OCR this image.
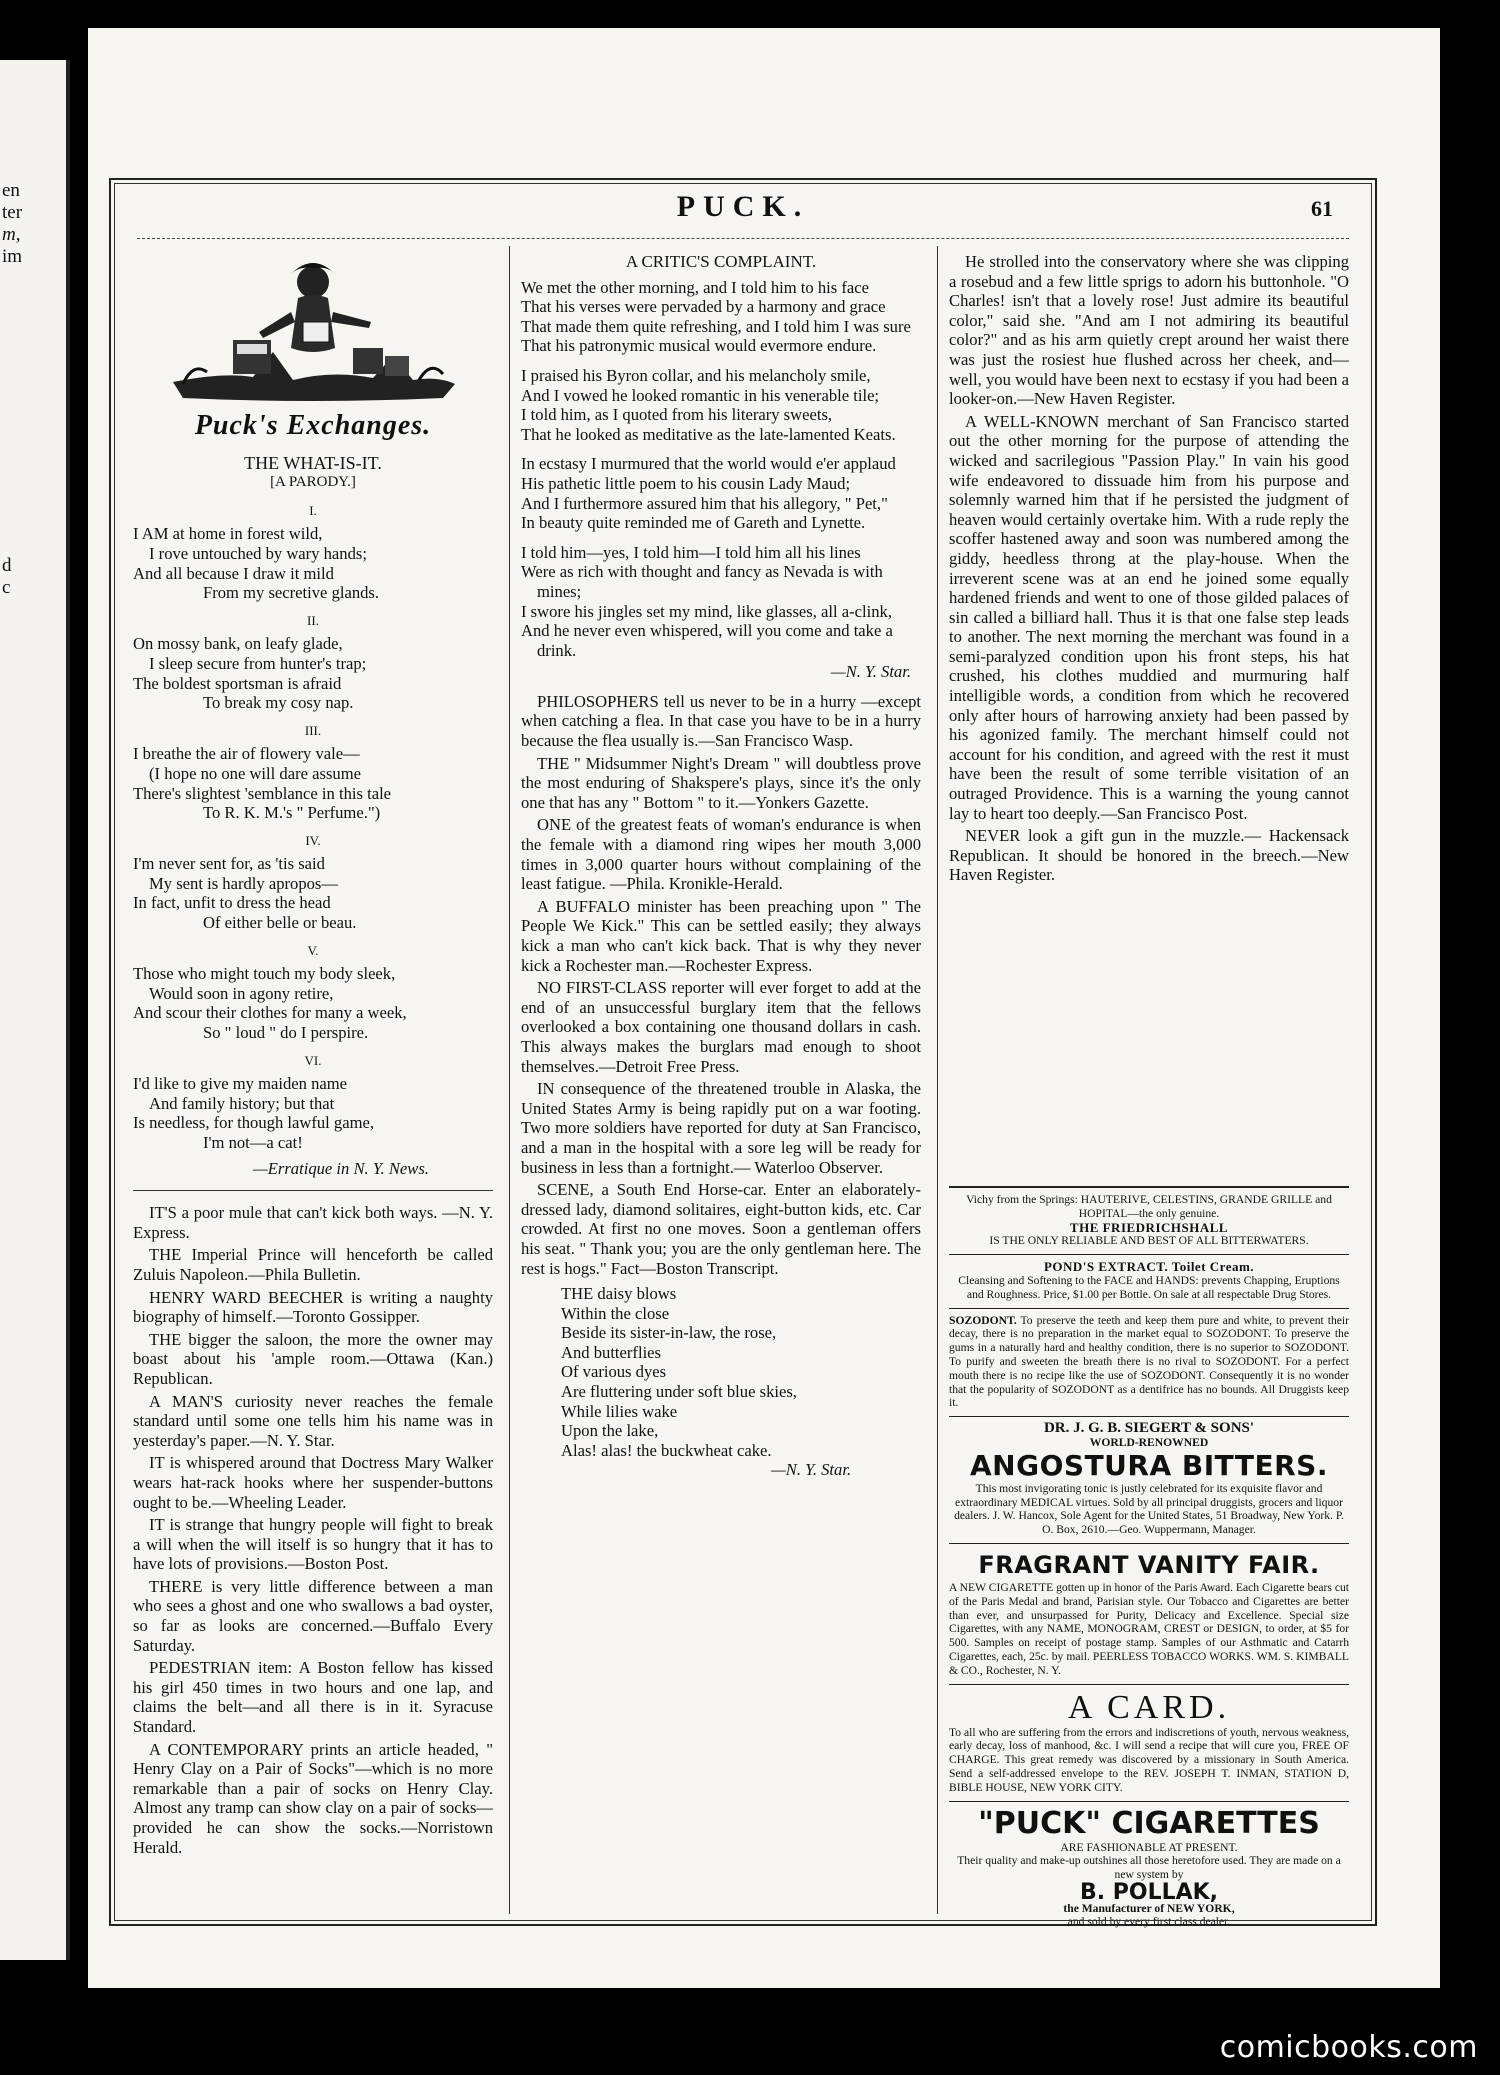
en
ter
m,
im
d
c
PUCK.	61
Puck's Exchanges.
THE WHAT-IS-IT.
[A PARODY.]
I.
I AM at home in forest wild,
I rove untouched by wary hands;
And all because I draw it mild
From my secretive glands.
II.
On mossy bank, on leafy glade,
I sleep secure from hunter's trap;
The boldest sportsman is afraid
To break my cosy nap.
III.
I breathe the air of flowery vale—
(I hope no one will dare assume
There's slightest 'semblance in this tale
To R. K. M.'s " Perfume.")
IV.
I'm never sent for, as 'tis said
My sent is hardly apropos—
In fact, unfit to dress the head
Of either belle or beau.
V.
Those who might touch my body sleek,
Would soon in agony retire,
And scour their clothes for many a week,
So " loud " do I perspire.
VI.
I'd like to give my maiden name
And family history; but that
Is needless, for though lawful game,
I'm not—a cat!
—Erratique in N. Y. News.

IT'S a poor mule that can't kick both ways. —N. Y. Express.

THE Imperial Prince will henceforth be called Zuluis Napoleon.—Phila Bulletin.

HENRY WARD BEECHER is writing a naughty biography of himself.—Toronto Gossipper.

THE bigger the saloon, the more the owner may boast about his 'ample room.—Ottawa (Kan.) Republican.

A MAN'S curiosity never reaches the female standard until some one tells him his name was in yesterday's paper.—N. Y. Star.

IT is whispered around that Doctress Mary Walker wears hat-rack hooks where her suspender-buttons ought to be.—Wheeling Leader.

IT is strange that hungry people will fight to break a will when the will itself is so hungry that it has to have lots of provisions.—Boston Post.

THERE is very little difference between a man who sees a ghost and one who swallows a bad oyster, so far as looks are concerned.—Buffalo Every Saturday.

PEDESTRIAN item: A Boston fellow has kissed his girl 450 times in two hours and one lap, and claims the belt—and all there is in it. Syracuse Standard.

A CONTEMPORARY prints an article headed, " Henry Clay on a Pair of Socks"—which is no more remarkable than a pair of socks on Henry Clay. Almost any tramp can show clay on a pair of socks—provided he can show the socks.—Norristown Herald.

A CRITIC'S COMPLAINT.
We met the other morning, and I told him to his face
That his verses were pervaded by a harmony and grace
That made them quite refreshing, and I told him I was sure
That his patronymic musical would evermore endure.
I praised his Byron collar, and his melancholy smile,
And I vowed he looked romantic in his venerable tile;
I told him, as I quoted from his literary sweets,
That he looked as meditative as the late-lamented Keats.
In ecstasy I murmured that the world would e'er applaud
His pathetic little poem to his cousin Lady Maud;
And I furthermore assured him that his allegory, " Pet,"
In beauty quite reminded me of Gareth and Lynette.
I told him—yes, I told him—I told him all his lines
Were as rich with thought and fancy as Nevada is with mines;
I swore his jingles set my mind, like glasses, all a-clink,
And he never even whispered, will you come and take a drink.
—N. Y. Star.

PHILOSOPHERS tell us never to be in a hurry —except when catching a flea. In that case you have to be in a hurry because the flea usually is.—San Francisco Wasp.

THE " Midsummer Night's Dream " will doubtless prove the most enduring of Shakspere's plays, since it's the only one that has any " Bottom " to it.—Yonkers Gazette.

ONE of the greatest feats of woman's endurance is when the female with a diamond ring wipes her mouth 3,000 times in 3,000 quarter hours without complaining of the least fatigue. —Phila. Kronikle-Herald.

A BUFFALO minister has been preaching upon " The People We Kick." This can be settled easily; they always kick a man who can't kick back. That is why they never kick a Rochester man.—Rochester Express.

NO FIRST-CLASS reporter will ever forget to add at the end of an unsuccessful burglary item that the fellows overlooked a box containing one thousand dollars in cash. This always makes the burglars mad enough to shoot themselves.—Detroit Free Press.

IN consequence of the threatened trouble in Alaska, the United States Army is being rapidly put on a war footing. Two more soldiers have reported for duty at San Francisco, and a man in the hospital with a sore leg will be ready for business in less than a fortnight.— Waterloo Observer.

SCENE, a South End Horse-car. Enter an elaborately-dressed lady, diamond solitaires, eight-button kids, etc. Car crowded. At first no one moves. Soon a gentleman offers his seat. " Thank you; you are the only gentleman here. The rest is hogs." Fact—Boston Transcript.

THE daisy blows
Within the close
Beside its sister-in-law, the rose,
And butterflies
Of various dyes
Are fluttering under soft blue skies,
While lilies wake
Upon the lake,
Alas! alas! the buckwheat cake.
—N. Y. Star.

He strolled into the conservatory where she was clipping a rosebud and a few little sprigs to adorn his buttonhole. "O Charles! isn't that a lovely rose! Just admire its beautiful color," said she. "And am I not admiring its beautiful color?" and as his arm quietly crept around her waist there was just the rosiest hue flushed across her cheek, and—well, you would have been next to ecstasy if you had been a looker-on.—New Haven Register.

A WELL-KNOWN merchant of San Francisco started out the other morning for the purpose of attending the wicked and sacrilegious "Passion Play." In vain his good wife endeavored to dissuade him from his purpose and solemnly warned him that if he persisted the judgment of heaven would certainly overtake him. With a rude reply the scoffer hastened away and soon was numbered among the giddy, heedless throng at the play-house. When the irreverent scene was at an end he joined some equally hardened friends and went to one of those gilded palaces of sin called a billiard hall. Thus it is that one false step leads to another. The next morning the merchant was found in a semi-paralyzed condition upon his front steps, his hat crushed, his clothes muddied and murmuring half intelligible words, a condition from which he recovered only after hours of harrowing anxiety had been passed by his agonized family. The merchant himself could not account for his condition, and agreed with the rest it must have been the result of some terrible visitation of an outraged Providence. This is a warning the young cannot lay to heart too deeply.—San Francisco Post.

NEVER look a gift gun in the muzzle.— Hackensack Republican. It should be honored in the breech.—New Haven Register.

Vichy from the Springs: HAUTERIVE, CELESTINS, GRANDE GRILLE and HOPITAL—the only genuine.
THE FRIEDRICHSHALL
IS THE ONLY RELIABLE AND BEST OF ALL BITTERWATERS.
POND'S EXTRACT. Toilet Cream.
Cleansing and Softening to the FACE and HANDS: prevents Chapping, Eruptions and Roughness. Price, $1.00 per Bottle. On sale at all respectable Drug Stores.
SOZODONT. To preserve the teeth and keep them pure and white, to prevent their decay, there is no preparation in the market equal to SOZODONT. To preserve the gums in a naturally hard and healthy condition, there is no superior to SOZODONT. To purify and sweeten the breath there is no rival to SOZODONT. For a perfect mouth there is no recipe like the use of SOZODONT. Consequently it is no wonder that the popularity of SOZODONT as a dentifrice has no bounds. All Druggists keep it.
DR. J. G. B. SIEGERT & SONS'
WORLD-RENOWNED
ANGOSTURA BITTERS.
This most invigorating tonic is justly celebrated for its exquisite flavor and extraordinary MEDICAL virtues. Sold by all principal druggists, grocers and liquor dealers. J. W. Hancox, Sole Agent for the United States, 51 Broadway, New York. P. O. Box, 2610.—Geo. Wuppermann, Manager.
FRAGRANT VANITY FAIR.
A NEW CIGARETTE gotten up in honor of the Paris Award. Each Cigarette bears cut of the Paris Medal and brand, Parisian style. Our Tobacco and Cigarettes are better than ever, and unsurpassed for Purity, Delicacy and Excellence. Special size Cigarettes, with any NAME, MONOGRAM, CREST or DESIGN, to order, at $5 for 500. Samples on receipt of postage stamp. Samples of our Asthmatic and Catarrh Cigarettes, each, 25c. by mail. PEERLESS TOBACCO WORKS. WM. S. KIMBALL & CO., Rochester, N. Y.
A CARD.
To all who are suffering from the errors and indiscretions of youth, nervous weakness, early decay, loss of manhood, &c. I will send a recipe that will cure you, FREE OF CHARGE. This great remedy was discovered by a missionary in South America. Send a self-addressed envelope to the REV. JOSEPH T. INMAN, STATION D, BIBLE HOUSE, NEW YORK CITY.
"PUCK" CIGARETTES
ARE FASHIONABLE AT PRESENT.
Their quality and make-up outshines all those heretofore used. They are made on a new system by
B. POLLAK,
the Manufacturer of NEW YORK,
and sold by every first class dealer.
comicbooks.com
